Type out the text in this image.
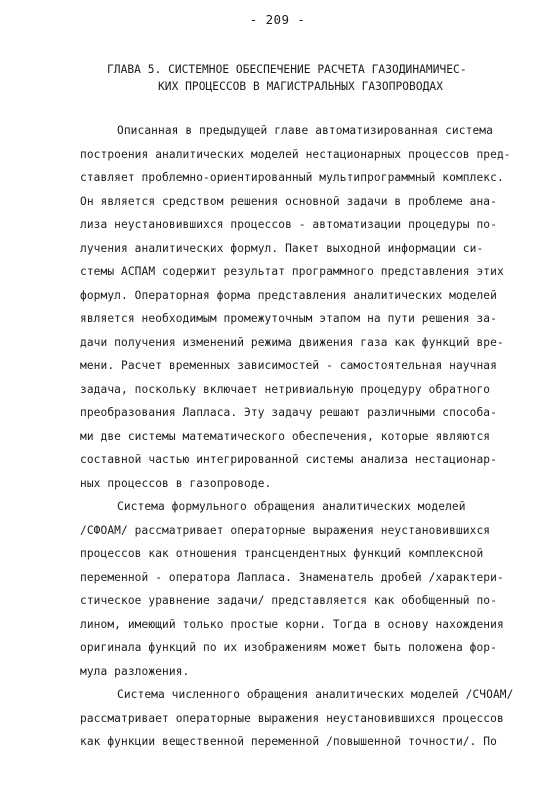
- 209 -
ГЛАВА 5. СИСТЕМНОЕ ОБЕСПЕЧЕНИЕ РАСЧЕТА ГАЗОДИНАМИЧЕС-
КИХ ПРОЦЕССОВ В МАГИСТРАЛЬНЫХ ГАЗОПРОВОДАХ
Описанная в предыдущей главе автоматизированная система
построения аналитических моделей нестационарных процессов пред-
ставляет проблемно-ориентированный мультипрограммный комплекс.
Он является средством решения основной задачи в проблеме ана-
лиза неустановившихся процессов - автоматизации процедуры по-
лучения аналитических формул. Пакет выходной информации си-
стемы АСПАМ содержит результат программного представления этих
формул. Операторная форма представления аналитических моделей
является необходимым промежуточным этапом на пути решения за-
дачи получения изменений режима движения газа как функций вре-
мени. Расчет временных зависимостей - самостоятельная научная
задача, поскольку включает нетривиальную процедуру обратного
преобразования Лапласа. Эту задачу решают различными способа-
ми две системы математического обеспечения, которые являются
составной частью интегрированной системы анализа нестационар-
ных процессов в газопроводе.
Система формульного обращения аналитических моделей
/СФОАМ/ рассматривает операторные выражения неустановившихся
процессов как отношения трансцендентных функций комплексной
переменной - оператора Лапласа. Знаменатель дробей /характери-
стическое уравнение задачи/ представляется как обобщенный по-
лином, имеющий только простые корни. Тогда в основу нахождения
оригинала функций по их изображениям может быть положена фор-
мула разложения.
Система численного обращения аналитических моделей /СЧОАМ/
рассматривает операторные выражения неустановившихся процессов
как функции вещественной переменной /повышенной точности/. По
